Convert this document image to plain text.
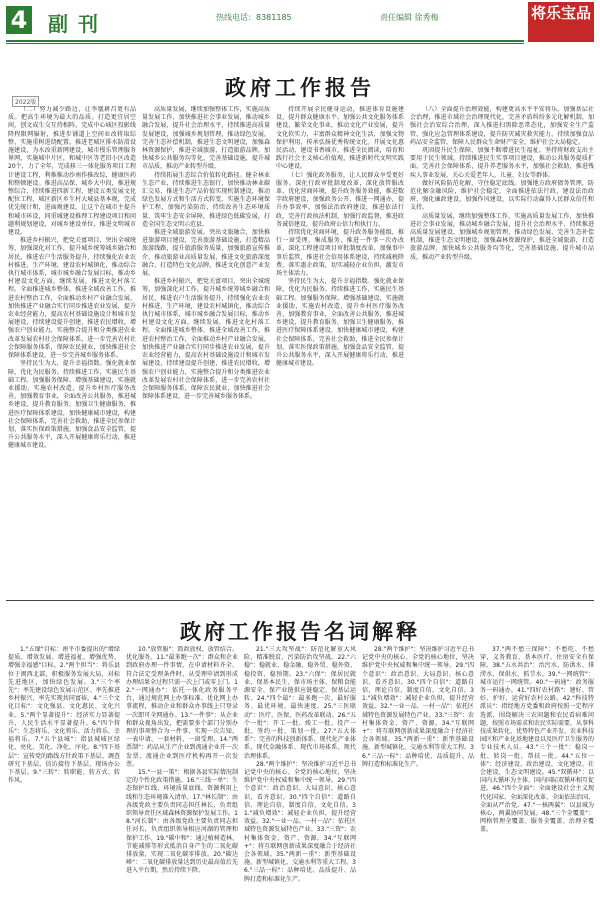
4 副刊	热线电话：8381185	责任编辑 徐秀梅	将乐宝品
政府工作报告
2022版

（二）努力减少路边、让李凰耕昌更有品质。把高生环境为最大的品质。打造更宜居空间，创文成生交互持相阵。完成中心城区投影线降程限网辐射，推进步铺道上空间业改将取综整，实施重树进绕配置。推进老城区排水防滑设施建设，为水改重新网建设，城市慢乐管理服务界网，实施城中片区，和城中区等老旧小区改造20个，力了全年，完成移三一体化服务项目工程计建设工程，利推推动沙南作推改综，健康医药和整顿建设。推进高品保、城乡大中段，推进规整综合，持续推进四新工程，建设五类发展文化配位工程，城区新区乡生村大城县基本规，完成优先统计和，进面规建设，让这个在城市主提升和城市环设，同重城建设推理工程建设项目和问题利规划建设，对城乡建设单位，推进文明城市建设。

推进乡村振兴，把党关富项目，突出全城统筹，加强深化对工作，提升城乡统筹城乡融合和居民，推进农户生活服务提升，持续强化农业农村推进，生产环境，建设农村城镇化，推动综合执行城市体系，城市城乡融合发展目标，推动乡村建设文化方面，继续发展，推进文化村落工程。全面推进城乡整体，推进全域改善工作，推进农村整治工作，全面推动乡村产业融合发展，加快推进产业融合实行同步推进农业发展，提升农业经营能力，提高农村基础设施设计和城市发展建设，持续建设提升创建，推进农民增收，增强农户创业能力，实施整合提升和分类推进农业改革发展农村社会保障体系，进一步完善农村社会保障服务体系，保障农民就业，加快推进社会保障体系建设，进一步完善城乡服务体系。

坚持民生为大，提升幸福指数。强化就业保障，优化为民服务。持续推进工作，实施民生基础工程。加强服务保障。增强基础建设，实施就业援助，实施农村改造，提升乡村医疗服务改善，加强教育事业，全面改善公共服务，推进城乡建设，提升教育服务，加强卫生健康服务，推进医疗保障体系建设，加快健康城市建设，构建社会保障体系，完善社会救助，推进全民参保计划，落实医保政策措施，加强食品安全监管，提升公共服务水平，深入开展健康将乐行动，推进健康城市建设。

高质量发展，继续加强整体工作，实施高质量发展工作，加快推进社会事业发展，推动城乡融合发展，提升社会治理水平，持续推进高质量发展建设，加强城乡规划管理，推动绿色发展，完善生态补偿机制，推进生态文明建设，加强森林资源保护，推进全域旅游，打造旅游品牌，加快城乡公共服务均等化，完善基础设施，提升城市品质，推动产业转型升级。

持续拓展生态综合价值转化路径。健全林业生态产业，持续推进生态银行，加快推动林业碳汇交易，推进生态产品价值实现机制建设，推动绿色发展方式和生活方式转变，实施生态环境保护工程，加强污染防治，持续改善生态环境质量，筑牢生态安全屏障，推进绿色低碳发展，打造全国生态文明示范县。

推进全域旅游发展。突出文旅融合，加快推进旅游项目建设，完善旅游基础设施，打造精品旅游线路，提升旅游服务质量，加强旅游宣传推介，推动旅游业高质量发展，推进文化旅游深度融合，打造特色文化品牌，推进文化创意产业发展。

推进乡村振兴，把党关富项目，突出全城统筹，加强深化对工作，提升城乡统筹城乡融合和居民，推进农户生活服务提升，持续强化农业农村推进，生产环境，建设农村城镇化，推动综合执行城市体系，城市城乡融合发展目标，推动乡村建设文化方面，继续发展，推进文化村落工程。全面推进城乡整体，推进全域改善工作，推进农村整治工作，全面推动乡村产业融合发展，加快推进产业融合实行同步推进农业发展，提升农业经营能力，提高农村基础设施设计和城市发展建设，持续建设提升创建，推进农民增收，增强农户创业能力，实施整合提升和分类推进农业改革发展农村社会保障体系，进一步完善农村社会保障服务体系，保障农民就业，加快推进社会保障体系建设，进一步完善城乡服务体系。

持续开展全民健身运动，推进体育设施建设，提升群众健康水平。加强公共文化服务体系建设，繁荣文化事业，推动文化产业发展，提升文化软实力，丰富群众精神文化生活，加强文物保护利用，传承弘扬优秀传统文化。开展文化惠民活动，建设书香城市，推进全民阅读，培育和践行社会主义核心价值观，推进新时代文明实践中心建设。

（七）强化政务服务，让人民群众享受更好服务。深化行政审批制度改革，深化放管服改革，优化营商环境，提升政务服务效能，推进数字政府建设，加强政务公开，推进一网通办，提升办事效率，加强法治政府建设，推进依法行政，完善行政执法机制，加强行政监督，推进政务诚信建设，提升政府公信力和执行力。

持续优化营商环境，提升政务服务能级，推行一窗受理、集成服务，推进一件事一次办改革，深化工程建设项目审批制度改革，加强事中事后监管，推进社会信用体系建设，持续减税降费，落实惠企政策，切实减轻企业负担，激发市场主体活力。

坚持民生为大，提升幸福指数。强化就业保障，优化为民服务。持续推进工作，实施民生基础工程。加强服务保障。增强基础建设，实施就业援助，实施农村改造，提升乡村医疗服务改善，加强教育事业，全面改善公共服务，推进城乡建设，提升教育服务，加强卫生健康服务，推进医疗保障体系建设，加快健康城市建设，构建社会保障体系，完善社会救助，推进全民参保计划，落实医保政策措施，加强食品安全监管，提升公共服务水平，深入开展健康将乐行动，推进健康城市建设。

（八）全面提升治理效能，构建更高水平平安将乐。加强基层社会治理，推进市域社会治理现代化，完善矛盾纠纷多元化解机制，加强社会治安综合治理，深入推进扫黑除恶常态化，加强安全生产监管，强化应急管理体系建设，提升防灾减灾救灾能力，持续加强食品药品安全监管，保障人民群众生命财产安全，维护社会大局稳定。

巩固提升民生保障，加强不断增进民生福祉。坚持将财政支出主要用于民生领域，持续推进民生实事项目建设，推动公共服务提质扩面，完善社会保障体系，提升养老服务水平，加强社会救助，推进残疾人事业发展，关心关爱老年人、儿童、妇女等群体。

做好风险防范化解，守住稳定底线。加强地方政府债务管理，防范化解金融风险，维护社会稳定，全面推进依法行政，建设法治政府，强化廉政建设，加强作风建设，以实际行动赢得人民群众信任和支持。

高质量发展，继续加强整体工作，实施高质量发展工作，加快推进社会事业发展，推动城乡融合发展，提升社会治理水平，持续推进高质量发展建设，加强城乡规划管理，推动绿色发展，完善生态补偿机制，推进生态文明建设，加强森林资源保护，推进全域旅游，打造旅游品牌，加快城乡公共服务均等化，完善基础设施，提升城市品质，推动产业转型升级。

政府工作报告名词解释

1."五缘"目标：南平市委提出的"增绿提质、增效发展、增进福祉、增强优势、增强幸福感"目标。2."两个担当"：将乐县位于闽西北部，积极服务发展大局，对标先进地区，加快绿色发展。3."三个率先"：率先建设绿色发展示范区、率先推进乡村振兴、率先实现共同富裕。4."三个文化目标"：文化强县、文化惠民、文化兴业。5."两个显著提升"：经济实力显著提升，人民生活水平显著提升。6."四个将乐"：生态将乐、文化将乐、活力将乐、幸福将乐。7."五个县城"：指县城城区绿化、亮化、美化、净化、序化。8."四下基层"：宣传党的路线方针政策下基层、调查研究下基层、信访接待下基层、现场办公下基层。9."三转"：转职能、转方式、转作风。

10."放管服"：简政放权、放管结合、优化服务。11."最多跑一次"：群众和企业到政府办理一件事情，在申请材料齐全、符合法定受理条件时，从受理申请到形成办理结果全过程只需一次上门或零上门。12."一网通办"：依托一体化政务服务平台，通过规范网上办事标准、优化网上办事流程，推动企业和群众办事线上只登录一次即可全网通办。13."一件事"：从企业和群众视角出发，把需要多个部门分别办理的事项整合为一件事，实现一次告知、一表申请、一套材料、一窗受理。14."两票制"：药品从生产企业到流通企业开一次发票，流通企业到医疗机构再开一次发票。

15."一县一策"：根据各县实际情况制定的个性化政策措施。16."三线一单"：生态保护红线、环境质量底线、资源利用上线和生态环境准入清单。17."林长制"：由各级党政主要负责同志担任林长，负责组织领导责任区域森林资源保护发展工作。18."河长制"：由各级党政主要负责同志担任河长，负责组织领导相应河湖的管理和保护工作。19."碳中和"：通过植树造林、节能减排等形式抵消自身产生的二氧化碳排放量，实现二氧化碳零排放。20."碳达峰"：二氧化碳排放量达到历史最高值后先进入平台期，然后持续下降。

21."三大攻坚战"：防范化解重大风险、精准脱贫、污染防治攻坚战。22."六稳"：稳就业、稳金融、稳外贸、稳外资、稳投资、稳预期。23."六保"：保居民就业、保基本民生、保市场主体、保粮食能源安全、保产业链供应链稳定、保基层运转。24."四个最"：最多跑一次、最好服务、最优环境、最快速度。25."三医联动"：医疗、医保、医药改革联动。26."五个一批"：开工一批、竣工一批、投产一批、签约一批、策划一批。27."五大体系"：完善的科技创新体系、现代化产业体系、现代金融体系、现代市场体系、现代治理体系。

28."两个维护"：坚决维护习近平总书记党中央的核心、全党的核心地位，坚决维护党中央权威和集中统一领导。29."四个意识"：政治意识、大局意识、核心意识、看齐意识。30."四个自信"：道路自信、理论自信、制度自信、文化自信。31."减负增效"：减轻企业负担，提升经营效益。32."一业一品、一村一品"：依托区域特色资源发展特色产业。33."三资"：农村集体资金、资产、资源。34."互联网+"：将互联网创新成果深度融合于经济社会各领域。35."两新一重"：新型基础设施、新型城镇化、交通水利等重大工程。36."三品一标"：品种培优、品质提升、品牌打造和标准化生产。

28."两个维护"：坚决维护习近平总书记党中央的核心、全党的核心地位，坚决维护党中央权威和集中统一领导。29."四个意识"：政治意识、大局意识、核心意识、看齐意识。30."四个自信"：道路自信、理论自信、制度自信、文化自信。31."减负增效"：减轻企业负担，提升经营效益。32."一业一品、一村一品"：依托区域特色资源发展特色产业。33."三资"：农村集体资金、资产、资源。34."互联网+"：将互联网创新成果深度融合于经济社会各领域。35."两新一重"：新型基础设施、新型城镇化、交通水利等重大工程。36."三品一标"：品种培优、品质提升、品牌打造和标准化生产。

37."两不愁三保障"：不愁吃、不愁穿，义务教育、基本医疗、住房安全有保障。38."五水共治"：治污水、防洪水、排涝水、保供水、抓节水。39."一网统管"：城市运行一网统管。40."一码通"：政务服务一码通办。41."四好农村路"：建好、管好、护好、运营好农村公路。42."科技特派员"：指经地方党委和政府按照一定程序选派，围绕解决三农问题和农民看病难问题，按照市场需求和农民实际需要，从事科技成果转化、优势特色产业开发、农业科技园区和产业化基地建设以及医疗卫生服务的专业技术人员。43."三个一批"：稳岗一批、转岗一批、帮扶一批。44."五位一体"：经济建设、政治建设、文化建设、社会建设、生态文明建设。45."双循环"：以国内大循环为主体、国内国际双循环相互促进。46."四个全面"：全面建设社会主义现代化国家、全面深化改革、全面依法治国、全面从严治党。47."一核两翼"：以县城为核心，两翼协同发展。48."三个全覆盖"：网格管理全覆盖、服务全覆盖、治理全覆盖。
